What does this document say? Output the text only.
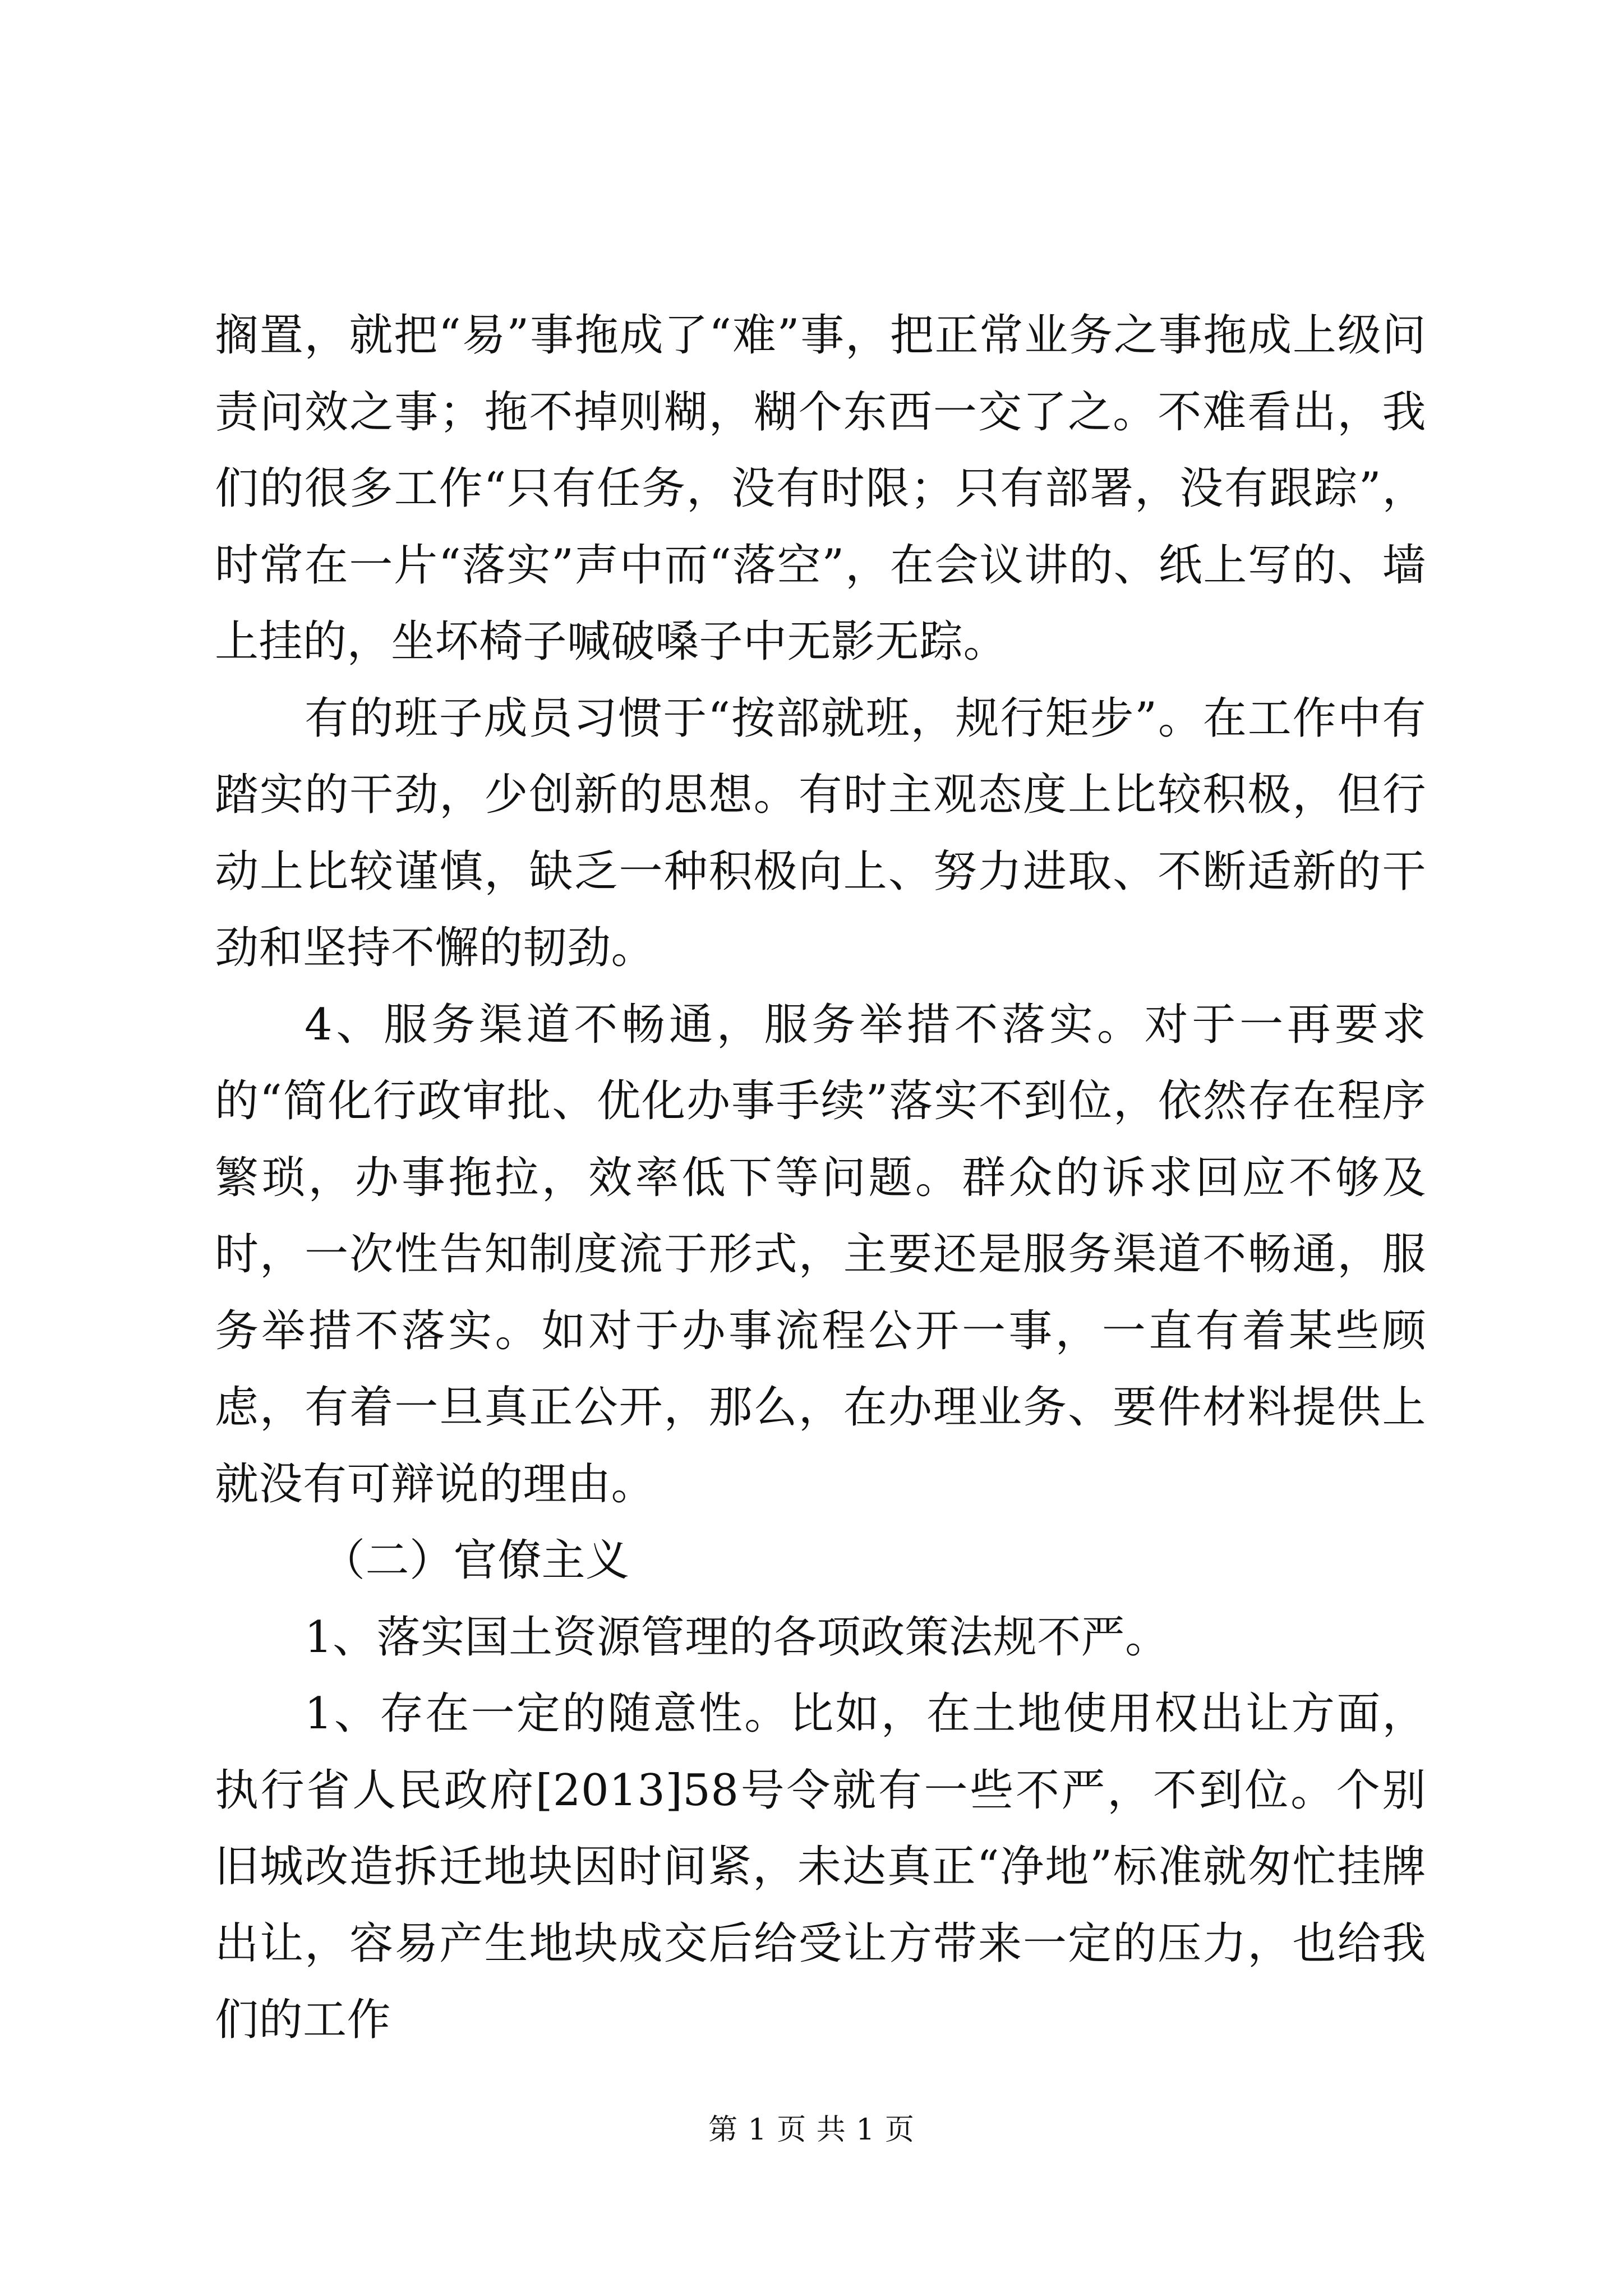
搁置，就把“易”事拖成了“难”事，把正常业务之事拖成上级问责问效之事；拖不掉则糊，糊个东西一交了之。不难看出，我们的很多工作“只有任务，没有时限；只有部署，没有跟踪”，时常在一片“落实”声中而“落空”，在会议讲的、纸上写的、墙上挂的，坐坏椅子喊破嗓子中无影无踪。

有的班子成员习惯于“按部就班，规行矩步”。在工作中有踏实的干劲，少创新的思想。有时主观态度上比较积极，但行动上比较谨慎，缺乏一种积极向上、努力进取、不断适新的干劲和坚持不懈的韧劲。

4、服务渠道不畅通，服务举措不落实。对于一再要求的“简化行政审批、优化办事手续”落实不到位，依然存在程序繁琐，办事拖拉，效率低下等问题。群众的诉求回应不够及时，一次性告知制度流于形式，主要还是服务渠道不畅通，服务举措不落实。如对于办事流程公开一事，一直有着某些顾虑，有着一旦真正公开，那么，在办理业务、要件材料提供上就没有可辩说的理由。

（二）官僚主义

1、落实国土资源管理的各项政策法规不严。

1、存在一定的随意性。比如，在土地使用权出让方面，执行省人民政府[2013]58号令就有一些不严，不到位。个别旧城改造拆迁地块因时间紧，未达真正“净地”标准就匆忙挂牌出让，容易产生地块成交后给受让方带来一定的压力，也给我们的工作

第 1 页 共 1 页
